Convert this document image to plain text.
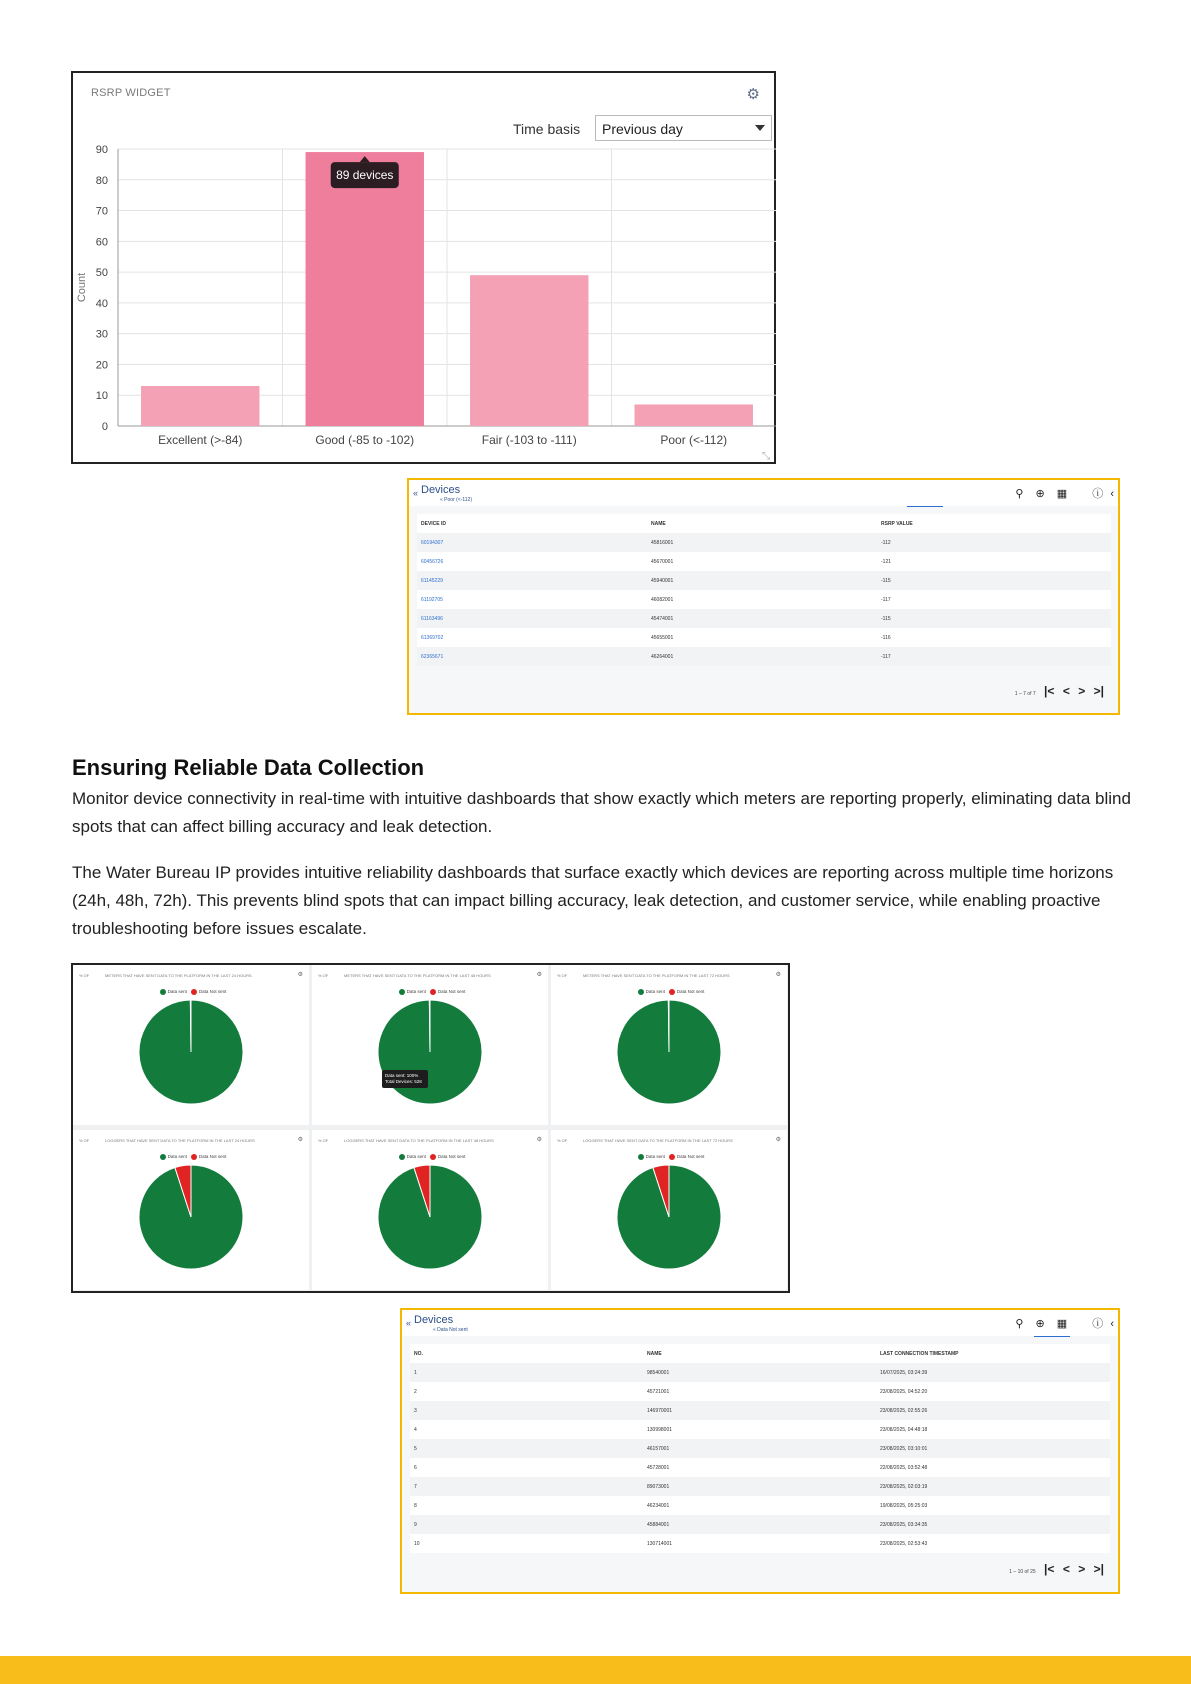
0
10
20
30
40
50
60
70
80
90
Excellent (>-84)	Good (-85 to -102)	Fair (-103 to -111)	Poor (<-112)
Count
89 devices
⤡
RSRP WIDGET	⚙
Time basis	Previous day
« Devices
« Poor (<-112)	⚲ ⊕ ▦ ⓘ ‹
DEVICE ID	NAME	RSRP VALUE
60194307	45816001	-112
60456726	45670001	-121
61145229	45940001	-115
61192705	46082001	-117
61163496	45474001	-115
61369702	45655001	-116
62365671	46264001	-117
1 – 7 of 7 |< < > >|
Ensuring Reliable Data Collection
Monitor device connectivity in real-time with intuitive dashboards that show exactly which meters are reporting properly, eliminating data blind spots that can affect billing accuracy and leak detection.
The Water Bureau IP provides intuitive reliability dashboards that surface exactly which devices are reporting across multiple time horizons (24h, 48h, 72h). This prevents blind spots that can impact billing accuracy, leak detection, and customer service, while enabling proactive troubleshooting before issues escalate.
% OF	METERS THAT HAVE SENT DATA TO THE PLATFORM IN THE LAST 24 HOURS	⚙
Data sent	Data Not sent
% OF	METERS THAT HAVE SENT DATA TO THE PLATFORM IN THE LAST 48 HOURS	⚙
Data sent	Data Not sent
Data sent: 100%
Total Devices: 528
% OF	METERS THAT HAVE SENT DATA TO THE PLATFORM IN THE LAST 72 HOURS	⚙
Data sent	Data Not sent
% OF	LOGGERS THAT HAVE SENT DATA TO THE PLATFORM IN THE LAST 24 HOURS	⚙
Data sent	Data Not sent
% OF	LOGGERS THAT HAVE SENT DATA TO THE PLATFORM IN THE LAST 48 HOURS	⚙
Data sent	Data Not sent
% OF	LOGGERS THAT HAVE SENT DATA TO THE PLATFORM IN THE LAST 72 HOURS	⚙
Data sent	Data Not sent
« Devices
« Data Not sent	⚲ ⊕ ▦ ⓘ ‹
NO.	NAME	LAST CONNECTION TIMESTAMP
1	98540001	16/07/2025, 03:24:39
2	45721001	23/08/2025, 04:52:20
3	146970001	23/08/2025, 02:55:26
4	130998001	23/08/2025, 04:48:18
5	46157001	23/08/2025, 03:10:01
6	45728001	22/08/2025, 03:52:48
7	89073001	23/08/2025, 02:03:19
8	46234001	19/08/2025, 05:25:03
9	45884001	23/08/2025, 03:34:35
10	130714001	23/08/2025, 02:53:43
1 – 10 of 25 |< < > >|
